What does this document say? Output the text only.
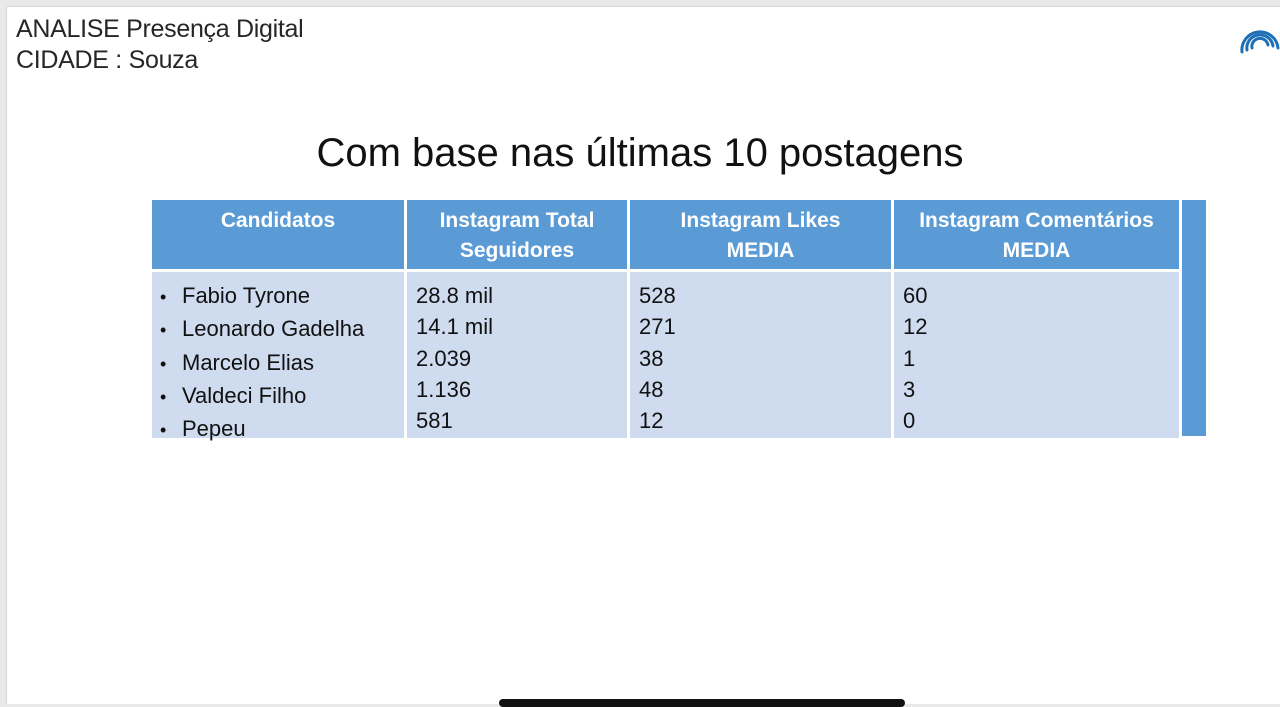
ANALISE Presença Digital
CIDADE : Souza
Com base nas últimas 10 postagens
Candidatos	Instagram Total
Seguidores
Instagram Likes
MEDIA
Instagram Comentários
MEDIA
• Fabio Tyrone
• Leonardo Gadelha
• Marcelo Elias
• Valdeci Filho
• Pepeu
28.8 mil
14.1 mil
2.039
1.136
581
528
271
38
48
12
60
12
1
3
0
